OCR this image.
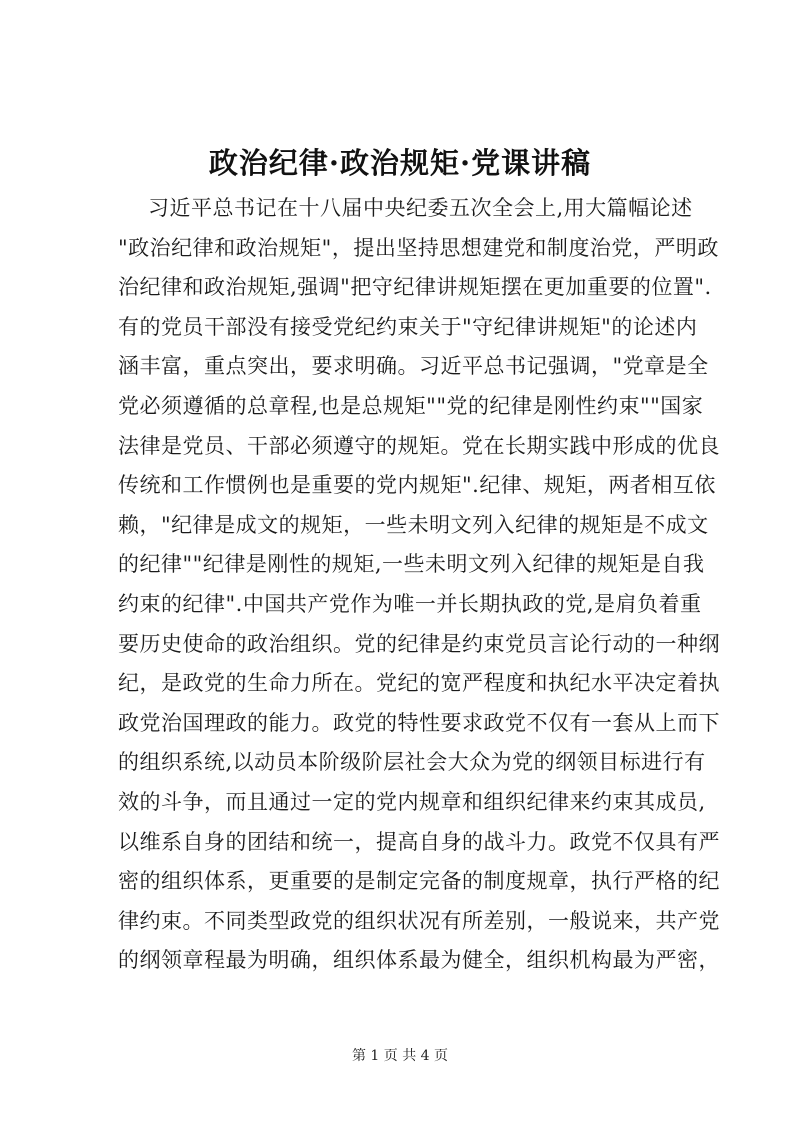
政治纪律·政治规矩·党课讲稿
习近平总书记在十八届中央纪委五次全会上,用大篇幅论述
"政治纪律和政治规矩"，提出坚持思想建党和制度治党，严明政
治纪律和政治规矩,强调"把守纪律讲规矩摆在更加重要的位置".
有的党员干部没有接受党纪约束关于"守纪律讲规矩"的论述内
涵丰富，重点突出，要求明确。习近平总书记强调，"党章是全
党必须遵循的总章程,也是总规矩""党的纪律是刚性约束""国家
法律是党员、干部必须遵守的规矩。党在长期实践中形成的优良
传统和工作惯例也是重要的党内规矩".纪律、规矩，两者相互依
赖，"纪律是成文的规矩，一些未明文列入纪律的规矩是不成文
的纪律""纪律是刚性的规矩,一些未明文列入纪律的规矩是自我
约束的纪律".中国共产党作为唯一并长期执政的党,是肩负着重
要历史使命的政治组织。党的纪律是约束党员言论行动的一种纲
纪，是政党的生命力所在。党纪的宽严程度和执纪水平决定着执
政党治国理政的能力。政党的特性要求政党不仅有一套从上而下
的组织系统,以动员本阶级阶层社会大众为党的纲领目标进行有
效的斗争，而且通过一定的党内规章和组织纪律来约束其成员,
以维系自身的团结和统一，提高自身的战斗力。政党不仅具有严
密的组织体系，更重要的是制定完备的制度规章，执行严格的纪
律约束。不同类型政党的组织状况有所差别，一般说来，共产党
的纲领章程最为明确，组织体系最为健全，组织机构最为严密，
第 1 页 共 4 页
